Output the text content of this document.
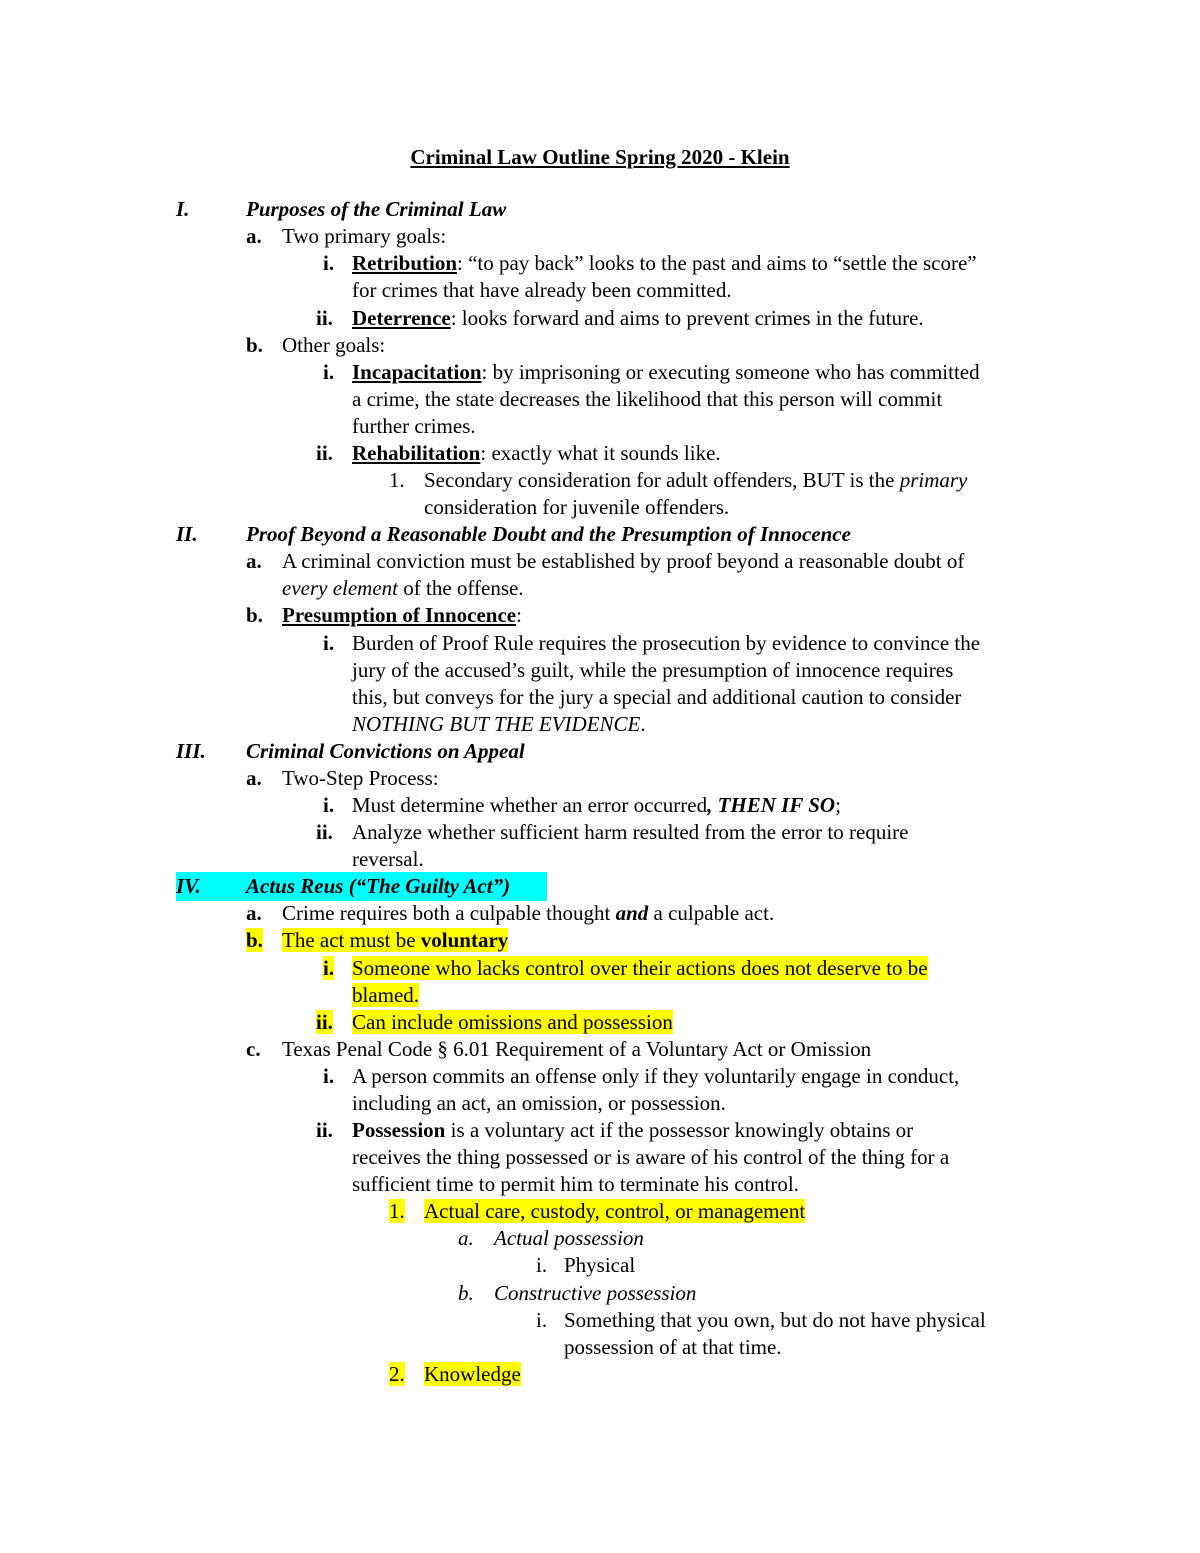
Criminal Law Outline Spring 2020 - Klein
I.	Purposes of the Criminal Law
a. Two primary goals:
i. Retribution: “to pay back” looks to the past and aims to “settle the score”
for crimes that have already been committed.
ii. Deterrence: looks forward and aims to prevent crimes in the future.
b. Other goals:
i. Incapacitation: by imprisoning or executing someone who has committed
a crime, the state decreases the likelihood that this person will commit
further crimes.
ii. Rehabilitation: exactly what it sounds like.
1. Secondary consideration for adult offenders, BUT is the primary
consideration for juvenile offenders.
II. Proof Beyond a Reasonable Doubt and the Presumption of Innocence
a. A criminal conviction must be established by proof beyond a reasonable doubt of
every element of the offense.
b. Presumption of Innocence:
i. Burden of Proof Rule requires the prosecution by evidence to convince the
jury of the accused’s guilt, while the presumption of innocence requires
this, but conveys for the jury a special and additional caution to consider
NOTHING BUT THE EVIDENCE.
III. Criminal Convictions on Appeal
a. Two-Step Process:
i. Must determine whether an error occurred, THEN IF SO;
ii. Analyze whether sufficient harm resulted from the error to require
reversal.
IV. Actus Reus (“The Guilty Act”)
a. Crime requires both a culpable thought and a culpable act.
b. The act must be voluntary
i. Someone who lacks control over their actions does not deserve to be
blamed.
ii. Can include omissions and possession
c. Texas Penal Code § 6.01 Requirement of a Voluntary Act or Omission
i. A person commits an offense only if they voluntarily engage in conduct,
including an act, an omission, or possession.
ii. Possession is a voluntary act if the possessor knowingly obtains or
receives the thing possessed or is aware of his control of the thing for a
sufficient time to permit him to terminate his control.
1. Actual care, custody, control, or management
a. Actual possession
i. Physical
b. Constructive possession
i. Something that you own, but do not have physical
possession of at that time.
2. Knowledge
